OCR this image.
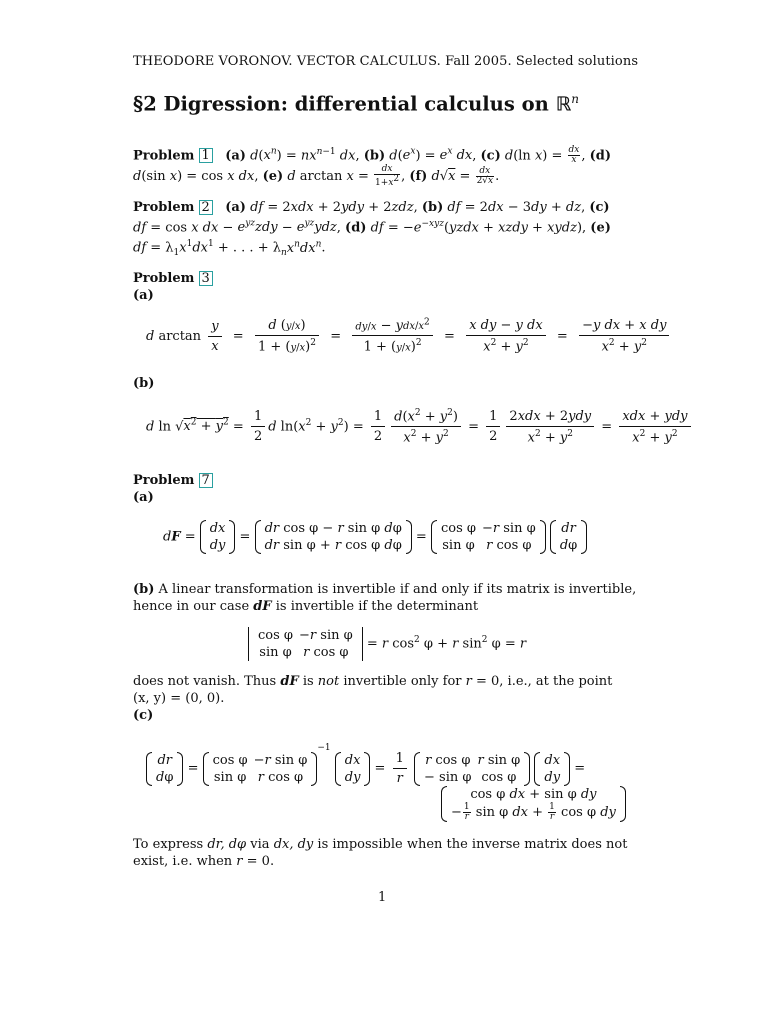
THEODORE VORONOV. VECTOR CALCULUS. Fall 2005. Selected solutions
§2 Digression: differential calculus on ℝ$^n$
Problem 1 (a) $d(x^n) = nx^{n-1}$ dx, (b) $d(e^x) = e^x$ dx, (c) d(ln $x) = \frac{dx}{x}$ , (d)
d(sin x) = cos x dx, (e) d $\arctan x = \frac{dx}{1+x^2}$ , (f) $d√x = \frac{dx}{2√x}$ .
Problem 2 (a) df = 2xdx + 2ydy + 2zdz, (b) df = 2dx − 3dy + dz, (c)
df = cos x dx − $e^{yz}zdy - e^{yz}ydz$, (d) df = $-e^{-xyz}(yzdx$ + xzdy + xydz), (e)
df = $\lambda_1x^1dx^1$ + . . . + $\lambda_nx^ndx^n$.
Problem 3
(a)
d $\arctan \frac{y}{x} = \frac{d (y/x)}{1 + (y/x)^2} = \frac{dy/x - ydx/x^2}{1 + (y/x)^2} = \frac{\text{x dy − y dx}}{x^2 + y^2} = \frac{\text{−y dx + x dy}}{x^2 + y^2}$
(b)
d $\ln √x^2 + y^2 = \frac{1}{2}$ d $\ln(x^2 + y^2) = \frac{1}{2} \frac{d(x^2 + y^2)}{x^2 + y^2} = \frac{1}{2} \frac{\text{2xdx + 2ydy}}{x^2 + y^2} = \frac{\text{xdx + ydy}}{x^2 + y^2}$
Problem 7
(a)
dF =
dx
dy
=
dr cos φ − r sin φ dφ
dr sin φ + r cos φ dφ
=
cos φ	−r sin φ
sin φ	r cos φ

dr
dφ
(b) A linear transformation is invertible if and only if its matrix is invertible,
hence in our case dF is invertible if the determinant
cos φ	−r sin φ
sin φ	r cos φ
= r $\cos^2 \varphi + r$ $\sin^2 \varphi = r$
does not vanish. Thus dF is not invertible only for r = 0, i.e., at the point
(x, y) = (0, 0).
(c)
dr
dφ
=
cos φ	−r sin φ
sin φ	r cos φ
$^{-1}$
dx
dy
= $\frac{1}{r}$
r cos φ	r sin φ
− sin φ	cos φ

dx
dy
=
cos φ dx + sin φ dy
− $\frac{1}{r}$ sin φ dx + $\frac{1}{r}$ cos φ dy
To express dr, dφ via dx, dy is impossible when the inverse matrix does not
exist, i.e. when r = 0.
1
